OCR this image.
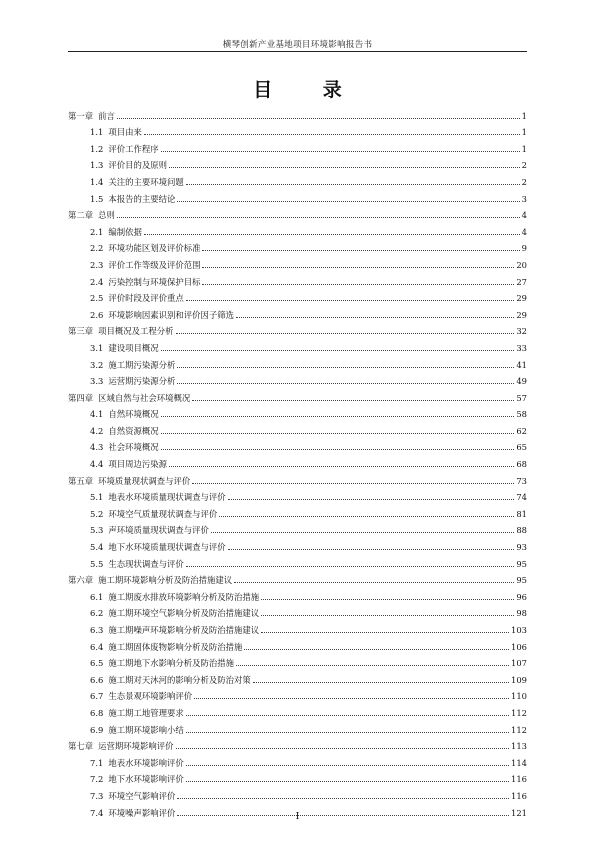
横琴创新产业基地项目环境影响报告书
目 录
第一章 前言	1
1.1 项目由来	1
1.2 评价工作程序	1
1.3 评价目的及原则	2
1.4 关注的主要环境问题	2
1.5 本报告的主要结论	3
第二章 总则	4
2.1 编制依据	4
2.2 环境功能区划及评价标准	9
2.3 评价工作等级及评价范围	20
2.4 污染控制与环境保护目标	27
2.5 评价时段及评价重点	29
2.6 环境影响因素识别和评价因子筛选	29
第三章 项目概况及工程分析	32
3.1 建设项目概况	33
3.2 施工期污染源分析	41
3.3 运营期污染源分析	49
第四章 区域自然与社会环境概况	57
4.1 自然环境概况	58
4.2 自然资源概况	62
4.3 社会环境概况	65
4.4 项目周边污染源	68
第五章 环境质量现状调查与评价	73
5.1 地表水环境质量现状调查与评价	74
5.2 环境空气质量现状调查与评价	81
5.3 声环境质量现状调查与评价	88
5.4 地下水环境质量现状调查与评价	93
5.5 生态现状调查与评价	95
第六章 施工期环境影响分析及防治措施建议	95
6.1 施工期废水排放环境影响分析及防治措施	96
6.2 施工期环境空气影响分析及防治措施建议	98
6.3 施工期噪声环境影响分析及防治措施建议	103
6.4 施工期固体废物影响分析及防治措施	106
6.5 施工期地下水影响分析及防治措施	107
6.6 施工期对天沐河的影响分析及防治对策	109
6.7 生态景观环境影响评价	110
6.8 施工期工地管理要求	112
6.9 施工期环境影响小结	112
第七章 运营期环境影响评价	113
7.1 地表水环境影响评价	114
7.2 地下水环境影响评价	116
7.3 环境空气影响评价	116
7.4 环境噪声影响评价	121
I
